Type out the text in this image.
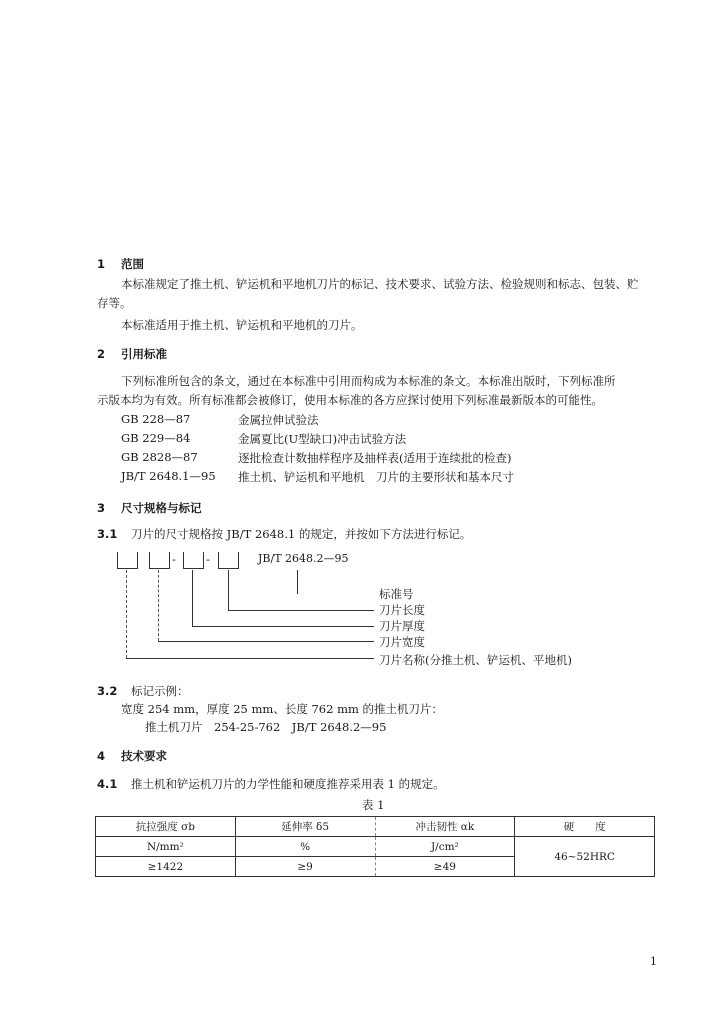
1 范围
本标准规定了推土机、铲运机和平地机刀片的标记、技术要求、试验方法、检验规则和标志、包装、贮
存等。
本标准适用于推土机、铲运机和平地机的刀片。
2 引用标准
下列标准所包含的条文，通过在本标准中引用而构成为本标准的条文。本标准出版时，下列标准所
示版本均为有效。所有标准都会被修订，使用本标准的各方应探讨使用下列标准最新版本的可能性。
GB 228—87	金属拉伸试验法
GB 229—84	金属夏比(U型缺口)冲击试验方法
GB 2828—87	逐批检查计数抽样程序及抽样表(适用于连续批的检查)
JB/T 2648.1—95 推土机、铲运机和平地机　刀片的主要形状和基本尺寸
3 尺寸规格与标记
3.1 刀片的尺寸规格按 JB/T 2648.1 的规定，并按如下方法进行标记。
-	-	JB/T 2648.2—95
标准号
刀片长度
刀片厚度
刀片宽度
刀片名称(分推土机、铲运机、平地机)
3.2 标记示例：
宽度 254 mm，厚度 25 mm、长度 762 mm 的推土机刀片：
推土机刀片　254-25-762　JB/T 2648.2—95
4 技术要求
4.1 推土机和铲运机刀片的力学性能和硬度推荐采用表 1 的规定。
表 1
抗拉强度 σb	延伸率 δ5	冲击韧性 αk	硬　　度
N/mm²	%	J/cm²	46~52HRC
≥1422	≥9	≥49	
1
